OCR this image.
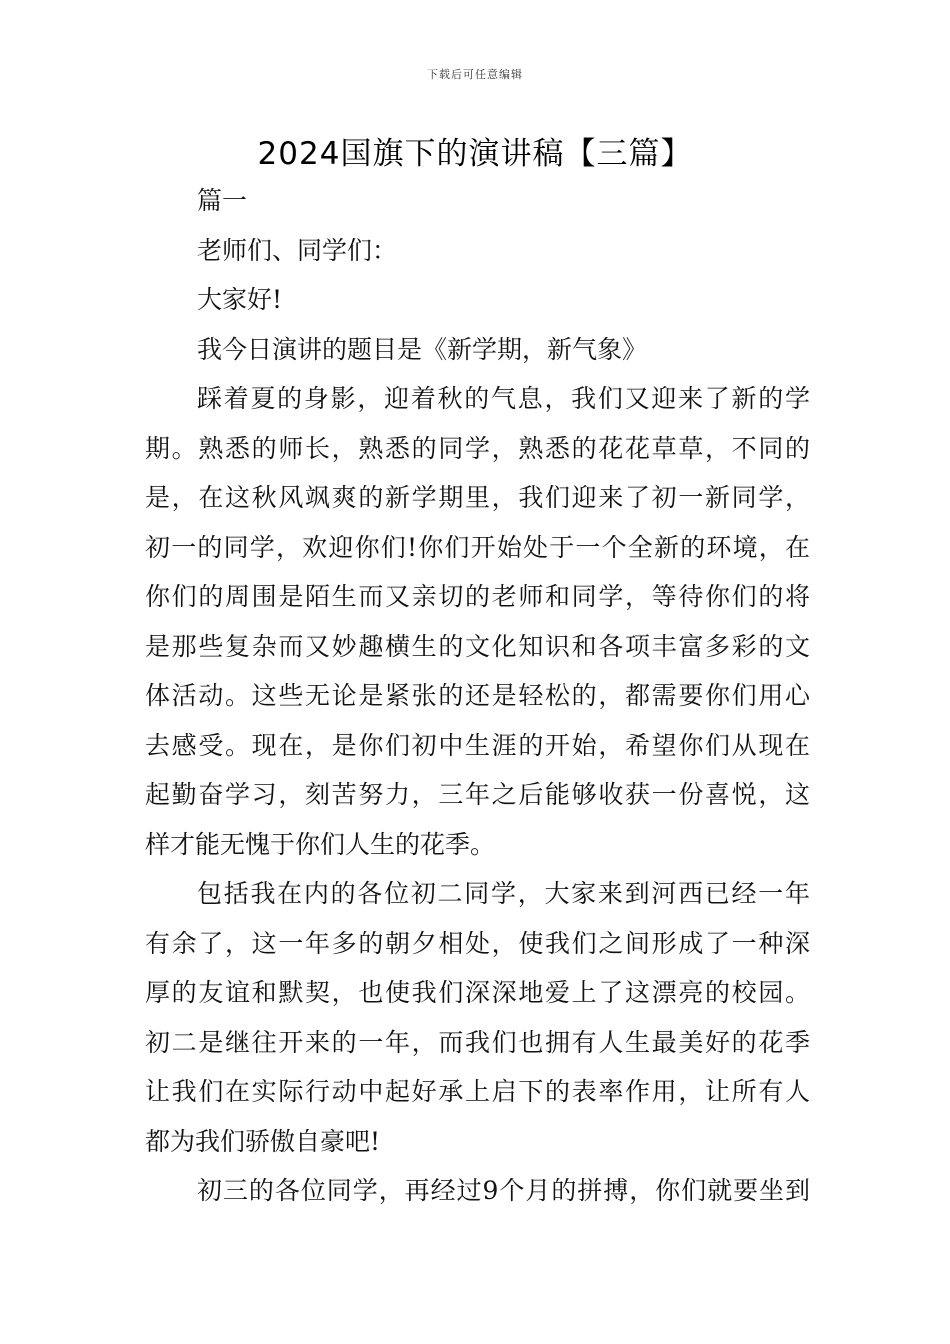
下载后可任意编辑
2024国旗下的演讲稿【三篇】
篇一
老师们、同学们：
大家好!
我今日演讲的题目是《新学期，新气象》
踩着夏的身影，迎着秋的气息，我们又迎来了新的学
期。熟悉的师长，熟悉的同学，熟悉的花花草草，不同的
是，在这秋风飒爽的新学期里，我们迎来了初一新同学，
初一的同学，欢迎你们!你们开始处于一个全新的环境，在
你们的周围是陌生而又亲切的老师和同学，等待你们的将
是那些复杂而又妙趣横生的文化知识和各项丰富多彩的文
体活动。这些无论是紧张的还是轻松的，都需要你们用心
去感受。现在，是你们初中生涯的开始，希望你们从现在
起勤奋学习，刻苦努力，三年之后能够收获一份喜悦，这
样才能无愧于你们人生的花季。
包括我在内的各位初二同学，大家来到河西已经一年
有余了，这一年多的朝夕相处，使我们之间形成了一种深
厚的友谊和默契，也使我们深深地爱上了这漂亮的校园。
初二是继往开来的一年，而我们也拥有人生最美好的花季
让我们在实际行动中起好承上启下的表率作用，让所有人
都为我们骄傲自豪吧!
初三的各位同学，再经过9个月的拼搏，你们就要坐到
